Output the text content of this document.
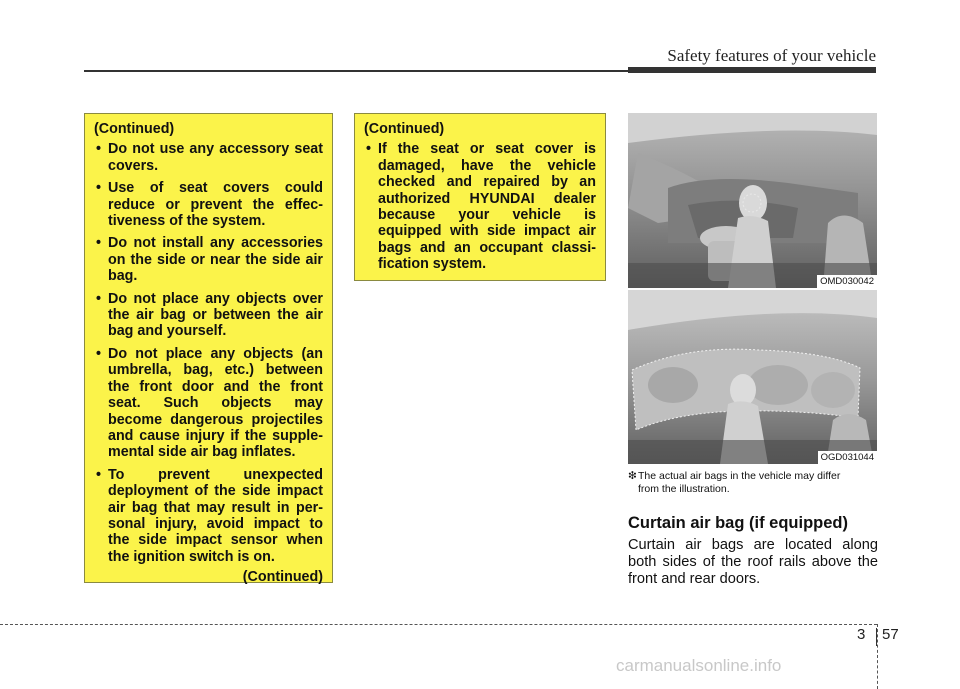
Safety features of your vehicle
(Continued)
• Do not use any accessory seat covers.
• Use of seat covers could reduce or prevent the effec-tiveness of the system.
• Do not install any accessories on the side or near the side air bag.
• Do not place any objects over the air bag or between the air bag and yourself.
• Do not place any objects (an umbrella, bag, etc.) between the front door and the front seat. Such objects may become dangerous projectiles and cause injury if the supple-mental side air bag inflates.
• To prevent unexpected deployment of the side impact air bag that may result in per-sonal injury, avoid impact to the side impact sensor when the ignition switch is on.
(Continued)
(Continued)
• If the seat or seat cover is damaged, have the vehicle checked and repaired by an authorized HYUNDAI dealer because your vehicle is equipped with side impact air bags and an occupant classi-fication system.
OMD030042
OGD031044
❇The actual air bags in the vehicle may differ
from the illustration.
Curtain air bag (if equipped)
Curtain air bags are located along both sides of the roof rails above the front and rear doors.
3 57
carmanualsonline.info
